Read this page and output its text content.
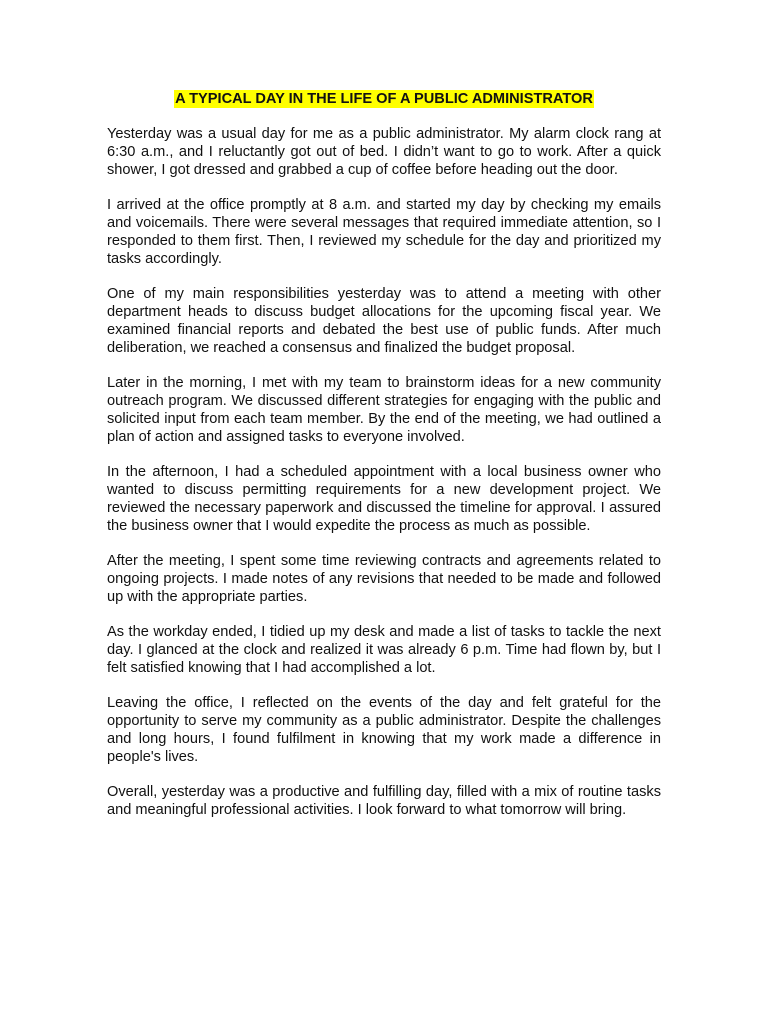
A TYPICAL DAY IN THE LIFE OF A PUBLIC ADMINISTRATOR

Yesterday was a usual day for me as a public administrator. My alarm clock rang at 6:30 a.m., and I reluctantly got out of bed. I didn’t want to go to work. After a quick shower, I got dressed and grabbed a cup of coffee before heading out the door.

I arrived at the office promptly at 8 a.m. and started my day by checking my emails and voicemails. There were several messages that required immediate attention, so I responded to them first. Then, I reviewed my schedule for the day and prioritized my tasks accordingly.

One of my main responsibilities yesterday was to attend a meeting with other department heads to discuss budget allocations for the upcoming fiscal year. We examined financial reports and debated the best use of public funds. After much deliberation, we reached a consensus and finalized the budget proposal.

Later in the morning, I met with my team to brainstorm ideas for a new community outreach program. We discussed different strategies for engaging with the public and solicited input from each team member. By the end of the meeting, we had outlined a plan of action and assigned tasks to everyone involved.

In the afternoon, I had a scheduled appointment with a local business owner who wanted to discuss permitting requirements for a new development project. We reviewed the necessary paperwork and discussed the timeline for approval. I assured the business owner that I would expedite the process as much as possible.

After the meeting, I spent some time reviewing contracts and agreements related to ongoing projects. I made notes of any revisions that needed to be made and followed up with the appropriate parties.

As the workday ended, I tidied up my desk and made a list of tasks to tackle the next day. I glanced at the clock and realized it was already 6 p.m. Time had flown by, but I felt satisfied knowing that I had accomplished a lot.

Leaving the office, I reflected on the events of the day and felt grateful for the opportunity to serve my community as a public administrator. Despite the challenges and long hours, I found fulfilment in knowing that my work made a difference in people's lives.

Overall, yesterday was a productive and fulfilling day, filled with a mix of routine tasks and meaningful professional activities. I look forward to what tomorrow will bring.
